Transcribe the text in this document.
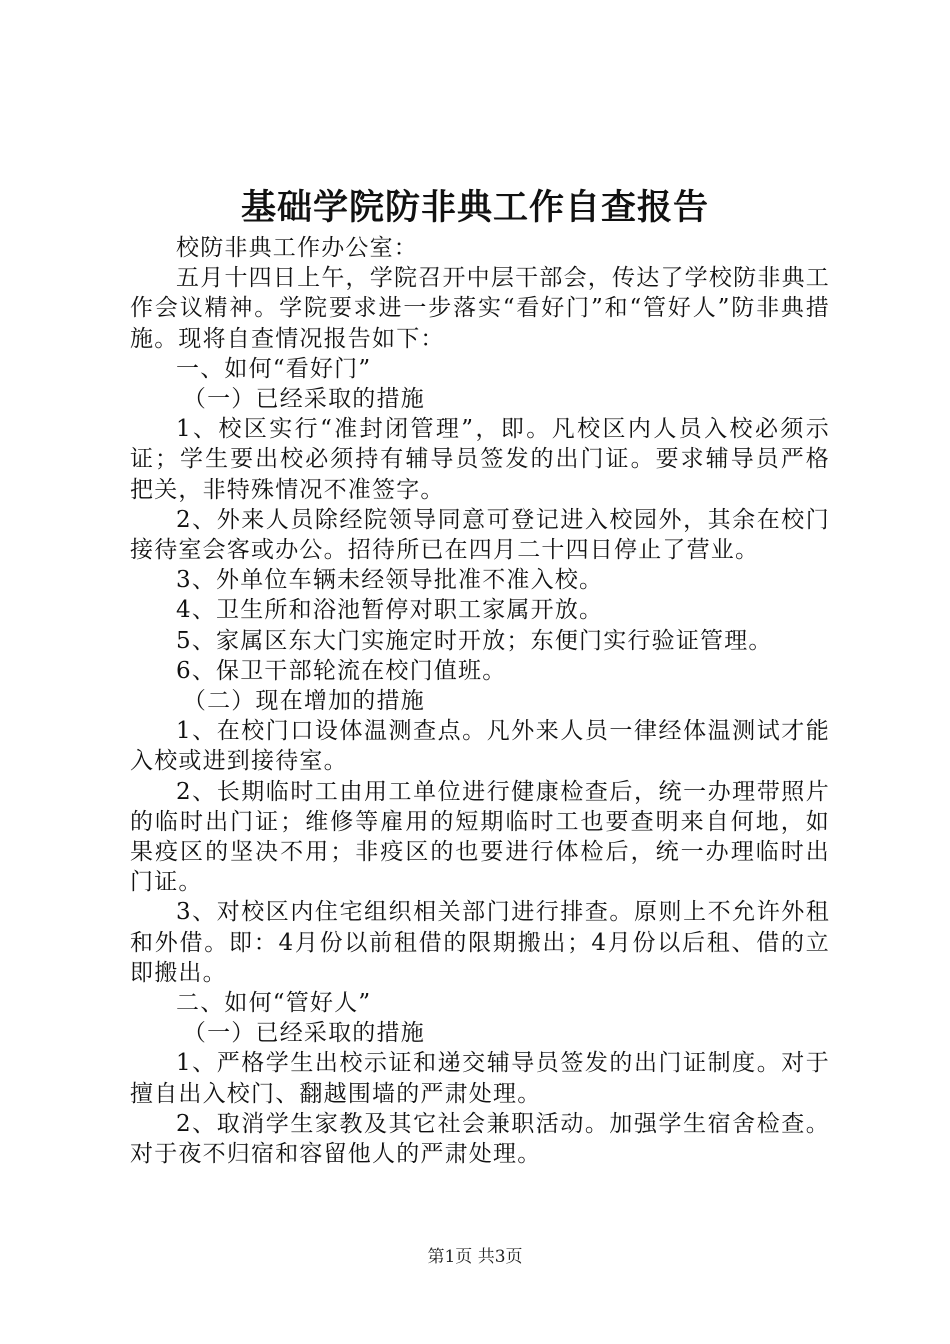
基础学院防非典工作自查报告

校防非典工作办公室：

五月十四日上午，学院召开中层干部会，传达了学校防非典工作会议精神。学院要求进一步落实“看好门”和“管好人”防非典措施。现将自查情况报告如下：

一、如何“看好门”

（一）已经采取的措施

1、校区实行“准封闭管理”，即。凡校区内人员入校必须示证；学生要出校必须持有辅导员签发的出门证。要求辅导员严格把关，非特殊情况不准签字。

2、外来人员除经院领导同意可登记进入校园外，其余在校门接待室会客或办公。招待所已在四月二十四日停止了营业。

3、外单位车辆未经领导批准不准入校。

4、卫生所和浴池暂停对职工家属开放。

5、家属区东大门实施定时开放；东便门实行验证管理。

6、保卫干部轮流在校门值班。

（二）现在增加的措施

1、在校门口设体温测查点。凡外来人员一律经体温测试才能入校或进到接待室。

2、长期临时工由用工单位进行健康检查后，统一办理带照片的临时出门证；维修等雇用的短期临时工也要查明来自何地，如果疫区的坚决不用；非疫区的也要进行体检后，统一办理临时出门证。

3、对校区内住宅组织相关部门进行排查。原则上不允许外租和外借。即：4月份以前租借的限期搬出；4月份以后租、借的立即搬出。

二、如何“管好人”

（一）已经采取的措施

1、严格学生出校示证和递交辅导员签发的出门证制度。对于擅自出入校门、翻越围墙的严肃处理。

2、取消学生家教及其它社会兼职活动。加强学生宿舍检查。对于夜不归宿和容留他人的严肃处理。

第1页 共3页
